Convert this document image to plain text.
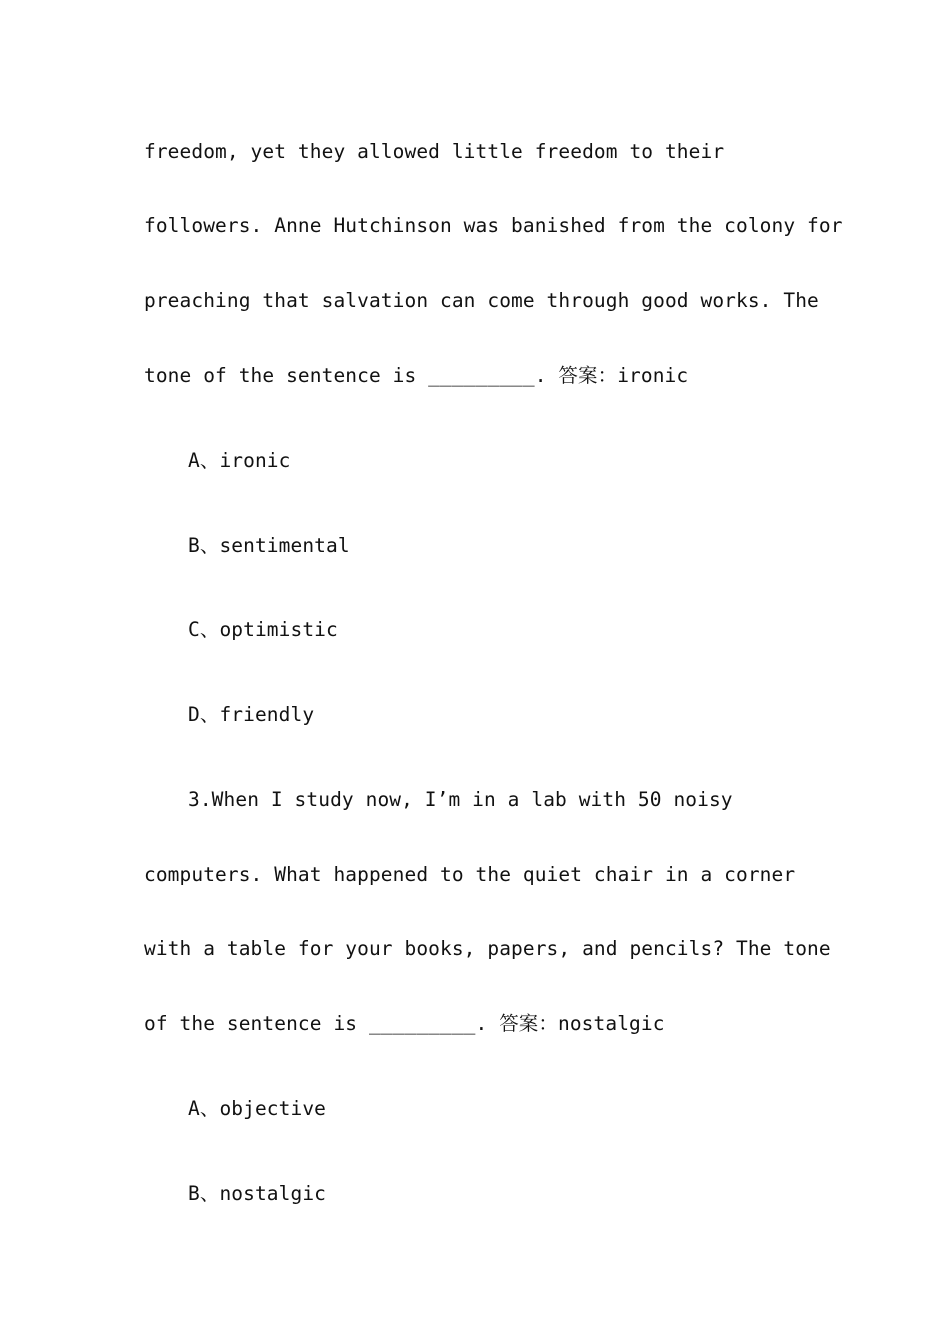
freedom, yet they allowed little freedom to their
followers. Anne Hutchinson was banished from the colony for
preaching that salvation can come through good works. The
tone of the sentence is _________. 答案：ironic
A、ironic
B、sentimental
C、optimistic
D、friendly
3.When I study now, I’m in a lab with 50 noisy
computers. What happened to the quiet chair in a corner
with a table for your books, papers, and pencils? The tone
of the sentence is _________. 答案：nostalgic
A、objective
B、nostalgic
